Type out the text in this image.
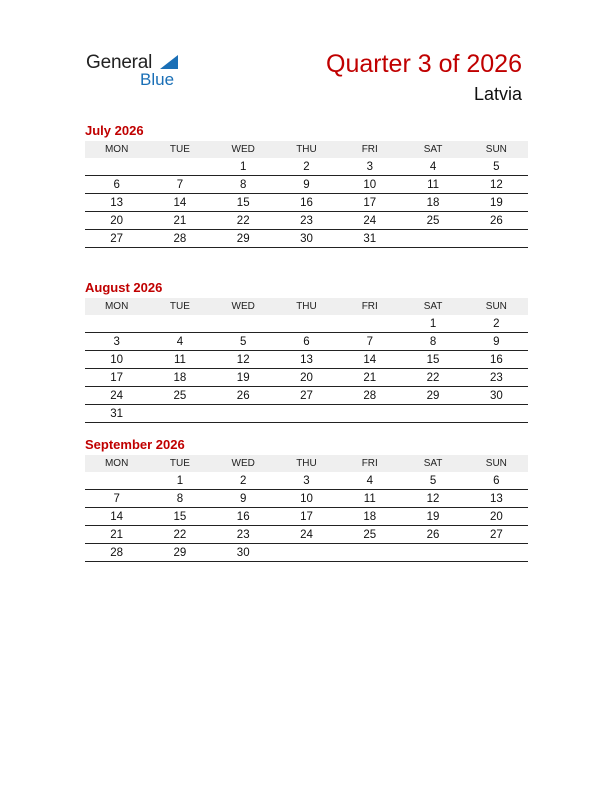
General
Blue
Quarter 3 of 2026
Latvia
July 2026
MON	TUE	WED	THU	FRI	SAT	SUN
		1	2	3	4	5
6	7	8	9	10	11	12
13	14	15	16	17	18	19
20	21	22	23	24	25	26
27	28	29	30	31		
August 2026
MON	TUE	WED	THU	FRI	SAT	SUN
					1	2
3	4	5	6	7	8	9
10	11	12	13	14	15	16
17	18	19	20	21	22	23
24	25	26	27	28	29	30
31						
September 2026
MON	TUE	WED	THU	FRI	SAT	SUN
	1	2	3	4	5	6
7	8	9	10	11	12	13
14	15	16	17	18	19	20
21	22	23	24	25	26	27
28	29	30				
